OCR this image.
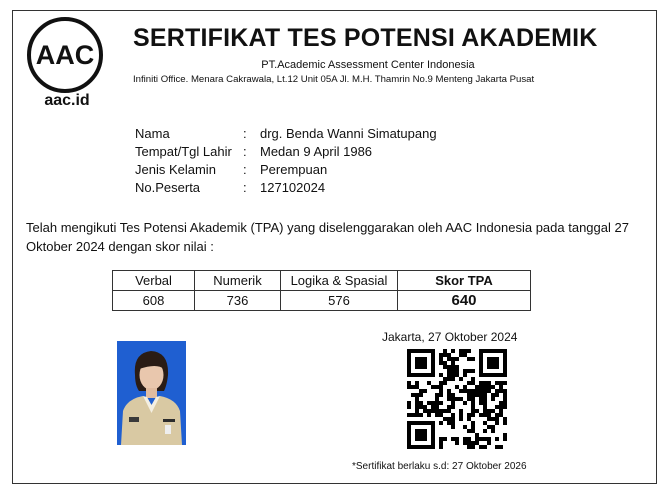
AAC
aac.id
SERTIFIKAT TES POTENSI AKADEMIK
PT.Academic Assessment Center Indonesia
Infiniti Office. Menara Cakrawala, Lt.12 Unit 05A Jl. M.H. Thamrin No.9 Menteng Jakarta Pusat
Nama	:	drg. Benda Wanni Simatupang
Tempat/Tgl Lahir :	Medan 9 April 1986
Jenis Kelamin	:	Perempuan
No.Peserta	:	127102024
Telah mengikuti Tes Potensi Akademik (TPA) yang diselenggarakan oleh AAC Indonesia pada tanggal 27 Oktober 2024 dengan skor nilai :
Verbal	Numerik	Logika & Spasial	Skor TPA
608	736	576	640
Jakarta, 27 Oktober 2024
*Sertifikat berlaku s.d: 27 Oktober 2026
